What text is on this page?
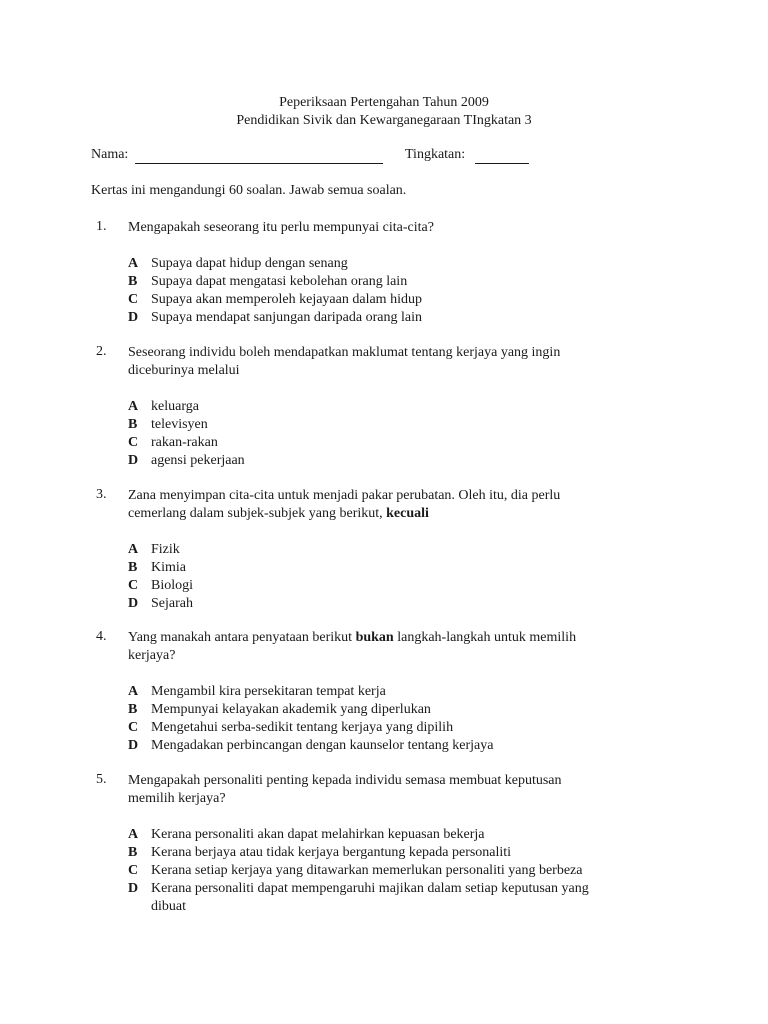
Peperiksaan Pertengahan Tahun 2009
Pendidikan Sivik dan Kewarganegaraan TIngkatan 3
Nama:	Tingkatan:
Kertas ini mengandungi 60 soalan. Jawab semua soalan.
1. Mengapakah seseorang itu perlu mempunyai cita-cita?
A Supaya dapat hidup dengan senang
B Supaya dapat mengatasi kebolehan orang lain
C Supaya akan memperoleh kejayaan dalam hidup
D Supaya mendapat sanjungan daripada orang lain
2. Seseorang individu boleh mendapatkan maklumat tentang kerjaya yang ingin diceburinya melalui
A keluarga
B televisyen
C rakan-rakan
D agensi pekerjaan
3. Zana menyimpan cita-cita untuk menjadi pakar perubatan. Oleh itu, dia perlu cemerlang dalam subjek-subjek yang berikut, kecuali
A Fizik
B Kimia
C Biologi
D Sejarah
4. Yang manakah antara penyataan berikut bukan langkah-langkah untuk memilih kerjaya?
A Mengambil kira persekitaran tempat kerja
B Mempunyai kelayakan akademik yang diperlukan
C Mengetahui serba-sedikit tentang kerjaya yang dipilih
D Mengadakan perbincangan dengan kaunselor tentang kerjaya
5. Mengapakah personaliti penting kepada individu semasa membuat keputusan memilih kerjaya?
A Kerana personaliti akan dapat melahirkan kepuasan bekerja
B Kerana berjaya atau tidak kerjaya bergantung kepada personaliti
C Kerana setiap kerjaya yang ditawarkan memerlukan personaliti yang berbeza
D Kerana personaliti dapat mempengaruhi majikan dalam setiap keputusan yang dibuat
